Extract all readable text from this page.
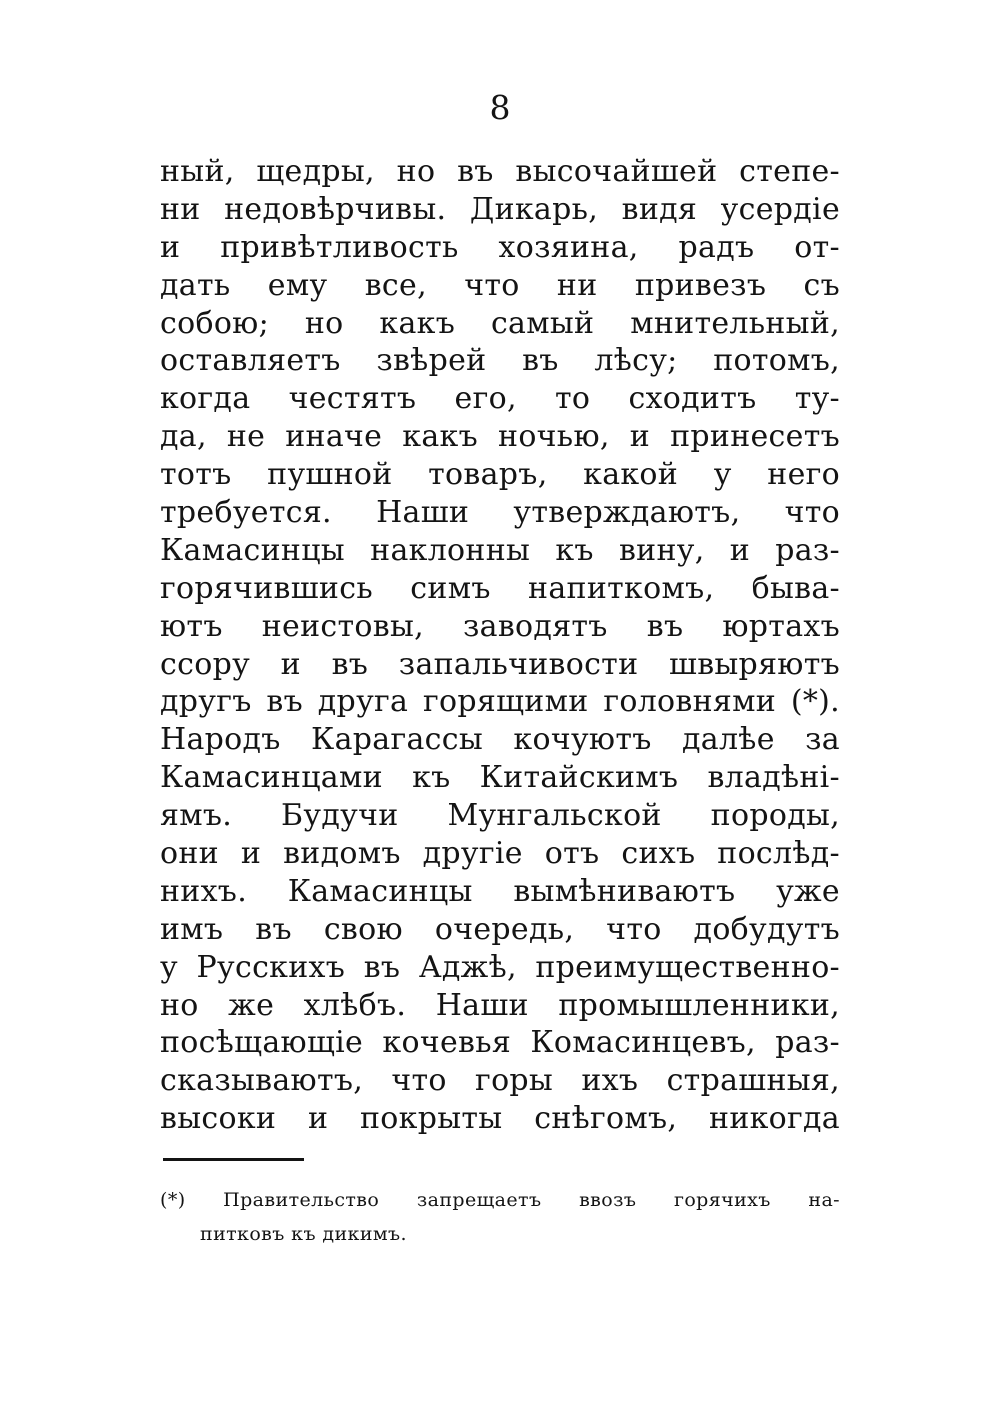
8
ный, щедры, но въ высочайшей степе-
ни недовѣрчивы. Дикарь, видя усердіе
и привѣтливость хозяина, радъ от-
дать ему все, что ни привезъ съ
собою; но какъ самый мнительный,
оставляетъ звѣрей въ лѣсу; потомъ,
когда честятъ его, то сходитъ ту-
да, не иначе какъ ночью, и принесетъ
тотъ пушной товаръ, какой у него
требуется. Наши утверждаютъ, что
Камасинцы наклонны къ вину, и раз-
горячившись симъ напиткомъ, быва-
ютъ неистовы, заводятъ въ юртахъ
ссору и въ запальчивости швыряютъ
другъ въ друга горящими головнями (*).
Народъ Карагассы кочуютъ далѣе за
Камасинцами къ Китайскимъ владѣні-
ямъ. Будучи Мунгальской породы,
они и видомъ другіе отъ сихъ послѣд-
нихъ. Камасинцы вымѣниваютъ уже
имъ въ свою очередь, что добудутъ
у Русскихъ въ Аджѣ, преимущественно-
но же хлѣбъ. Наши промышленники,
посѣщающіе кочевья Комасинцевъ, раз-
сказываютъ, что горы ихъ страшныя,
высоки и покрыты снѣгомъ, никогда
(*) Правительство запрещаетъ ввозъ горячихъ на-
питковъ къ дикимъ.
